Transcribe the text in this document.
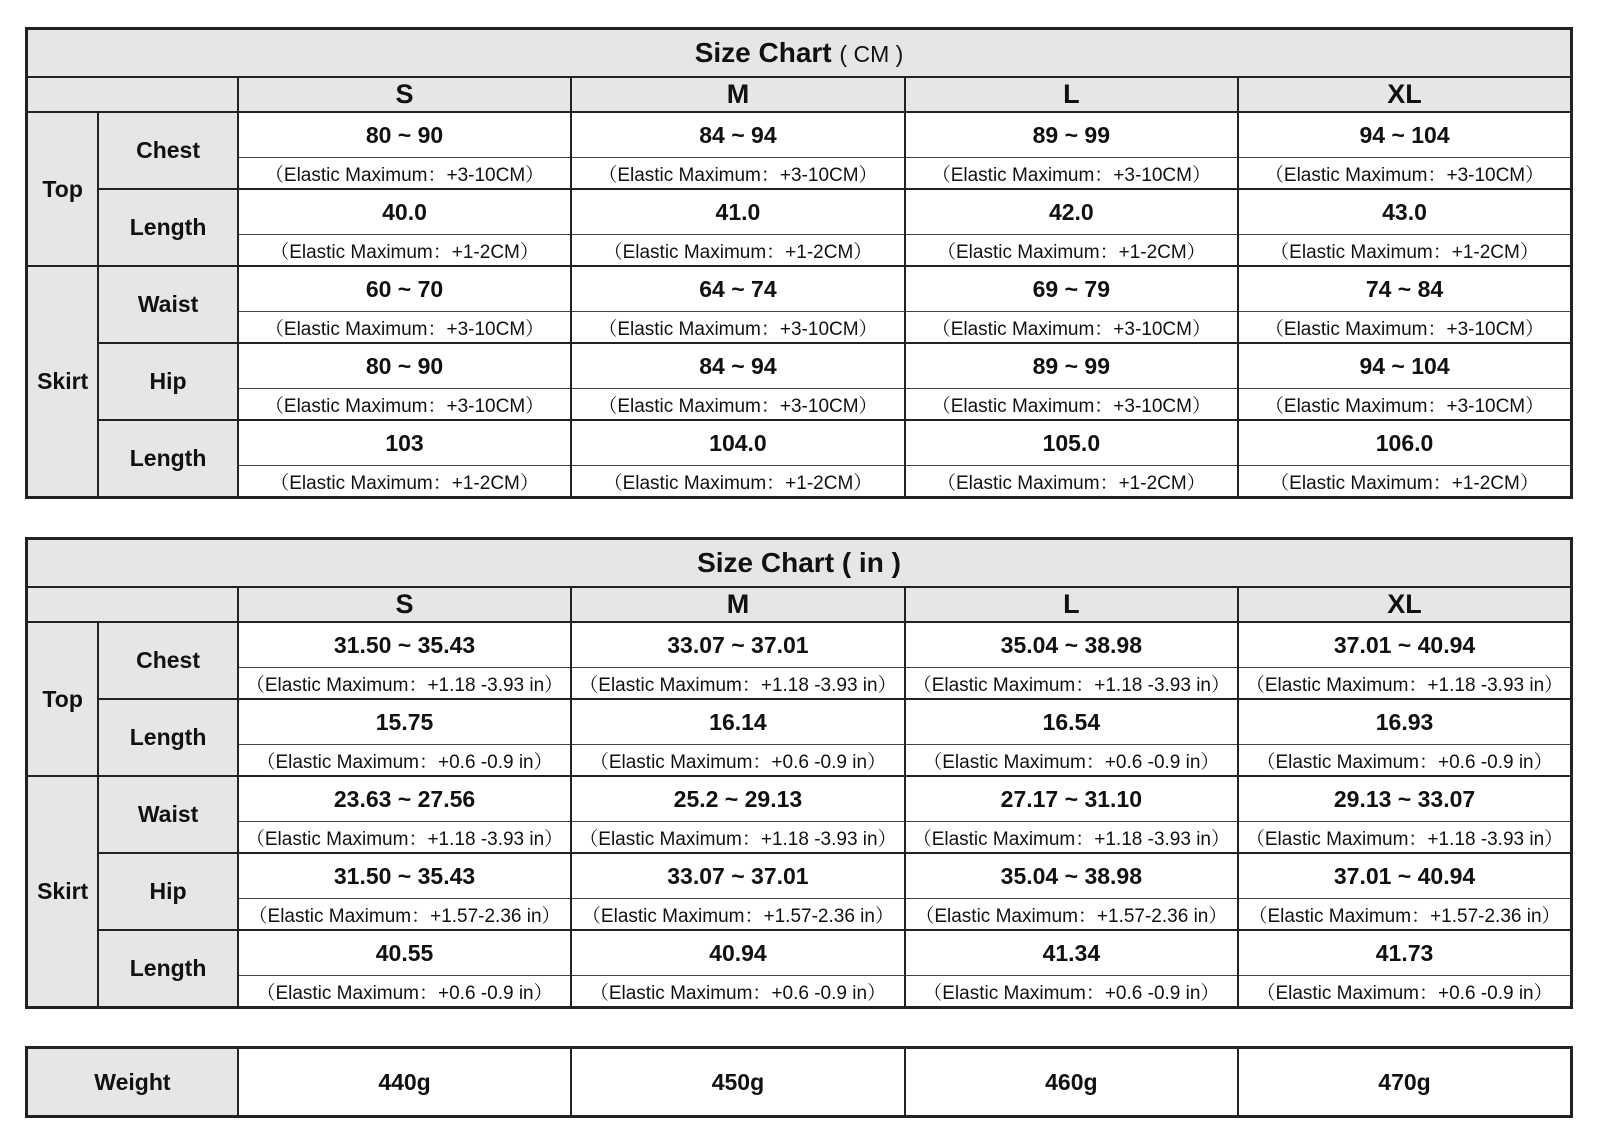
Size Chart ( CM )					
		S	M	L	XL
Top	Chest	80 ~ 90	84 ~ 94	89 ~ 99	94 ~ 104
		（Elastic Maximum：+3-10CM）	（Elastic Maximum：+3-10CM）	（Elastic Maximum：+3-10CM）	（Elastic Maximum：+3-10CM）
	Length	40.0	41.0	42.0	43.0
		（Elastic Maximum：+1-2CM）	（Elastic Maximum：+1-2CM）	（Elastic Maximum：+1-2CM）	（Elastic Maximum：+1-2CM）
Skirt	Waist	60 ~ 70	64 ~ 74	69 ~ 79	74 ~ 84
		（Elastic Maximum：+3-10CM）	（Elastic Maximum：+3-10CM）	（Elastic Maximum：+3-10CM）	（Elastic Maximum：+3-10CM）
	Hip	80 ~ 90	84 ~ 94	89 ~ 99	94 ~ 104
		（Elastic Maximum：+3-10CM）	（Elastic Maximum：+3-10CM）	（Elastic Maximum：+3-10CM）	（Elastic Maximum：+3-10CM）
	Length	103	104.0	105.0	106.0
		（Elastic Maximum：+1-2CM）	（Elastic Maximum：+1-2CM）	（Elastic Maximum：+1-2CM）	（Elastic Maximum：+1-2CM）
Size Chart ( in )					
		S	M	L	XL
Top	Chest	31.50 ~ 35.43	33.07 ~ 37.01	35.04 ~ 38.98	37.01 ~ 40.94
		（Elastic Maximum：+1.18 -3.93 in）	（Elastic Maximum：+1.18 -3.93 in）	（Elastic Maximum：+1.18 -3.93 in）	（Elastic Maximum：+1.18 -3.93 in）
	Length	15.75	16.14	16.54	16.93
		（Elastic Maximum：+0.6 -0.9 in）	（Elastic Maximum：+0.6 -0.9 in）	（Elastic Maximum：+0.6 -0.9 in）	（Elastic Maximum：+0.6 -0.9 in）
Skirt	Waist	23.63 ~ 27.56	25.2 ~ 29.13	27.17 ~ 31.10	29.13 ~ 33.07
		（Elastic Maximum：+1.18 -3.93 in）	（Elastic Maximum：+1.18 -3.93 in）	（Elastic Maximum：+1.18 -3.93 in）	（Elastic Maximum：+1.18 -3.93 in）
	Hip	31.50 ~ 35.43	33.07 ~ 37.01	35.04 ~ 38.98	37.01 ~ 40.94
		（Elastic Maximum：+1.57-2.36 in）	（Elastic Maximum：+1.57-2.36 in）	（Elastic Maximum：+1.57-2.36 in）	（Elastic Maximum：+1.57-2.36 in）
	Length	40.55	40.94	41.34	41.73
		（Elastic Maximum：+0.6 -0.9 in）	（Elastic Maximum：+0.6 -0.9 in）	（Elastic Maximum：+0.6 -0.9 in）	（Elastic Maximum：+0.6 -0.9 in）
Weight	440g	450g	460g	470g
